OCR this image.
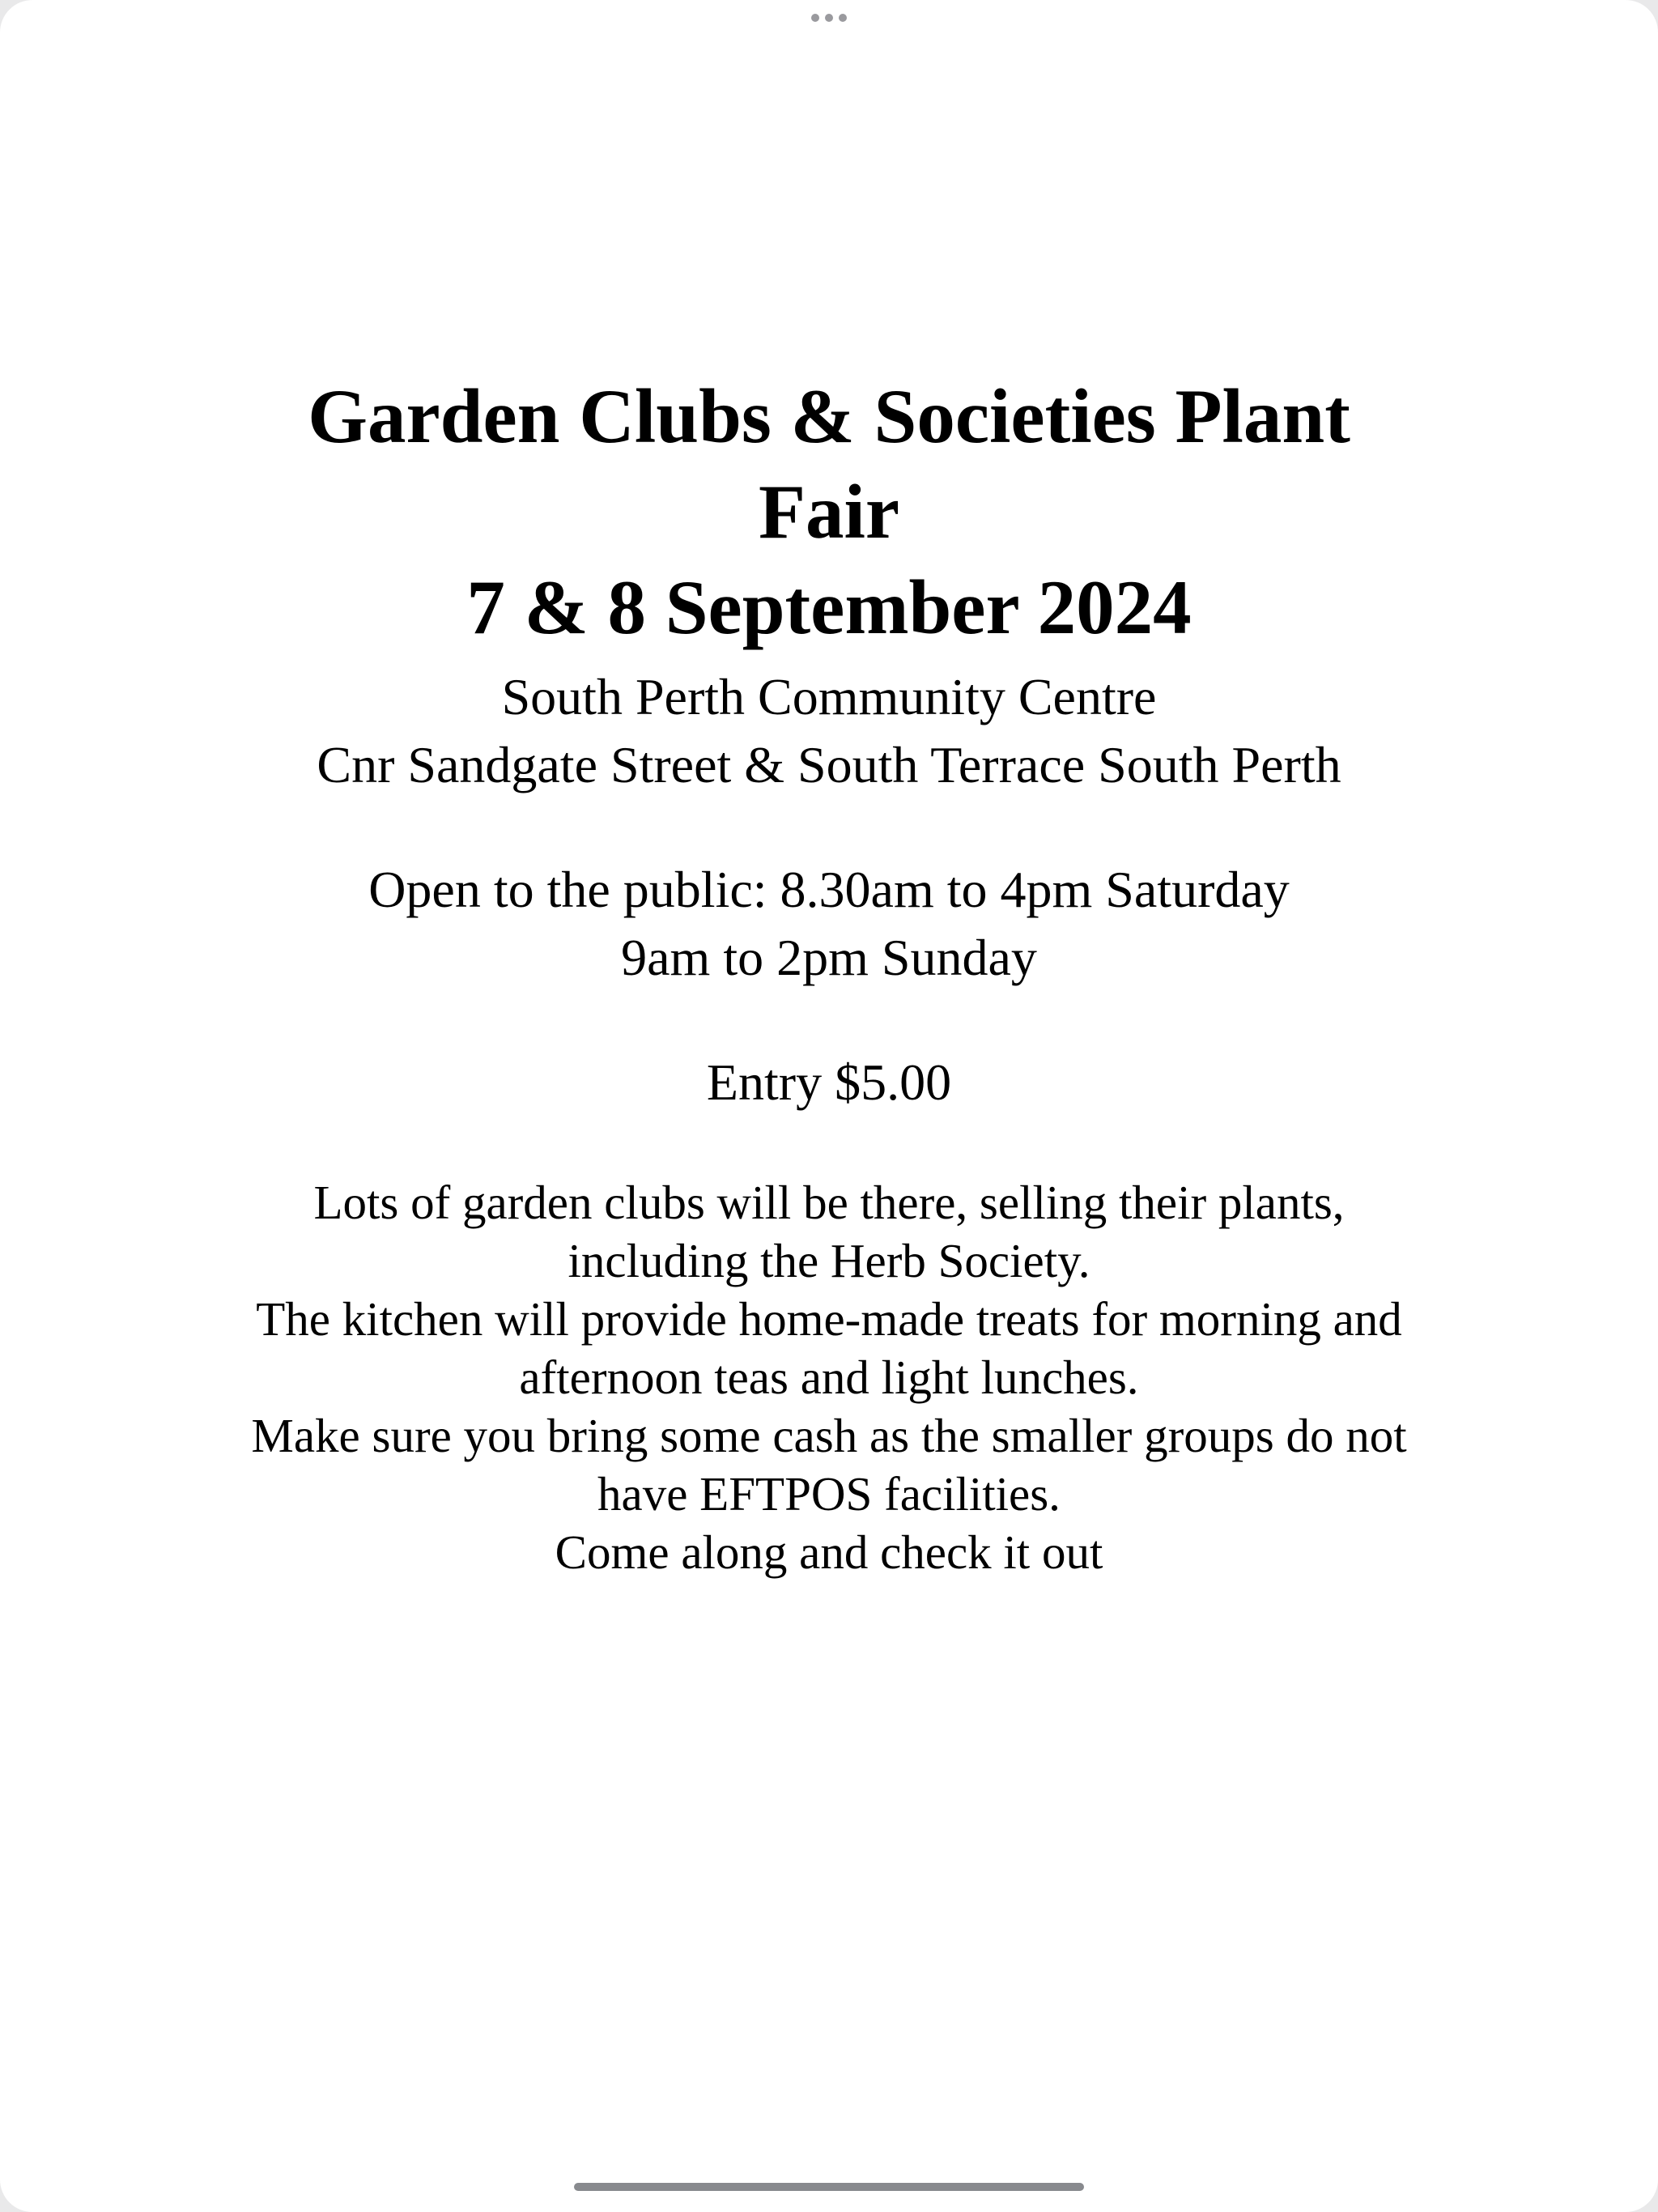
Garden Clubs & Societies Plant
Fair
7 & 8 September 2024
South Perth Community Centre
Cnr Sandgate Street & South Terrace South Perth
Open to the public: 8.30am to 4pm Saturday
9am to 2pm Sunday
Entry $5.00
Lots of garden clubs will be there, selling their plants,
including the Herb Society.
The kitchen will provide home-made treats for morning and
afternoon teas and light lunches.
Make sure you bring some cash as the smaller groups do not
have EFTPOS facilities.
Come along and check it out
